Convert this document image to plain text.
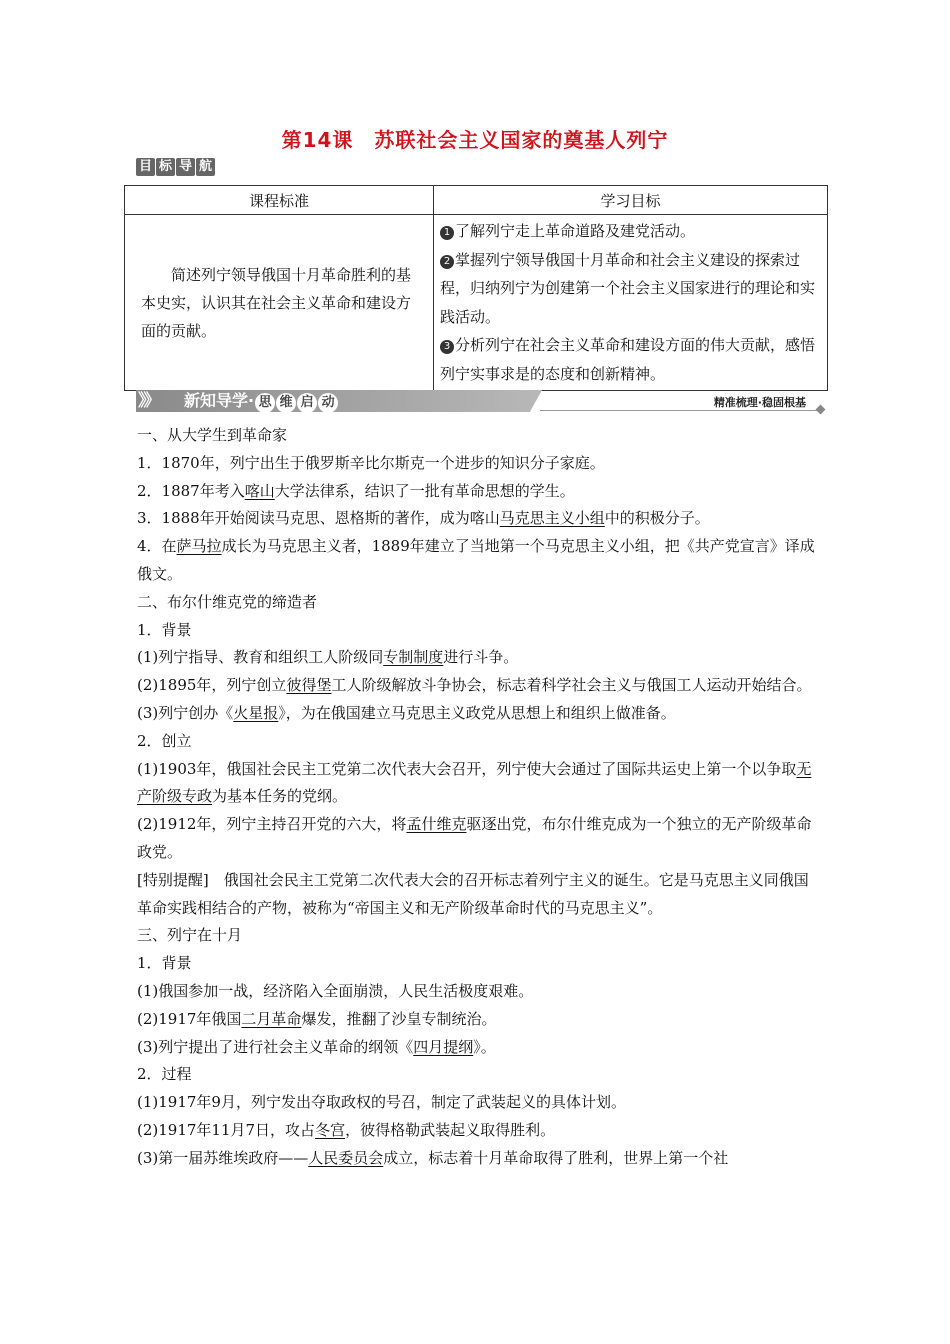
第14课　苏联社会主义国家的奠基人列宁
目 标 导 航
课程标准	学习目标

简述列宁领导俄国十月革命胜利的基本史实，认识其在社会主义革命和建设方面的贡献。	1 了解列宁走上革命道路及建党活动。

2 掌握列宁领导俄国十月革命和社会主义建设的探索过程，归纳列宁为创建第一个社会主义国家进行的理论和实践活动。

3 分析列宁在社会主义革命和建设方面的伟大贡献，感悟列宁实事求是的态度和创新精神。

》》 新知导学· 思 维 启 动	精准梳理·稳固根基

一、从大学生到革命家

1．1870年，列宁出生于俄罗斯辛比尔斯克一个进步的知识分子家庭。

2．1887年考入喀山大学法律系，结识了一批有革命思想的学生。

3．1888年开始阅读马克思、恩格斯的著作，成为喀山马克思主义小组中的积极分子。

4．在萨马拉成长为马克思主义者，1889年建立了当地第一个马克思主义小组，把《共产党宣言》译成俄文。

二、布尔什维克党的缔造者

1．背景

(1)列宁指导、教育和组织工人阶级同专制制度进行斗争。

(2)1895年，列宁创立彼得堡工人阶级解放斗争协会，标志着科学社会主义与俄国工人运动开始结合。

(3)列宁创办《火星报》，为在俄国建立马克思主义政党从思想上和组织上做准备。

2．创立

(1)1903年，俄国社会民主工党第二次代表大会召开，列宁使大会通过了国际共运史上第一个以争取无产阶级专政为基本任务的党纲。

(2)1912年，列宁主持召开党的六大，将孟什维克驱逐出党，布尔什维克成为一个独立的无产阶级革命政党。

[特别提醒]　俄国社会民主工党第二次代表大会的召开标志着列宁主义的诞生。它是马克思主义同俄国革命实践相结合的产物，被称为“帝国主义和无产阶级革命时代的马克思主义”。

三、列宁在十月

1．背景

(1)俄国参加一战，经济陷入全面崩溃，人民生活极度艰难。

(2)1917年俄国二月革命爆发，推翻了沙皇专制统治。

(3)列宁提出了进行社会主义革命的纲领《四月提纲》。

2．过程

(1)1917年9月，列宁发出夺取政权的号召，制定了武装起义的具体计划。

(2)1917年11月7日，攻占冬宫，彼得格勒武装起义取得胜利。

(3)第一届苏维埃政府——人民委员会成立，标志着十月革命取得了胜利，世界上第一个社
